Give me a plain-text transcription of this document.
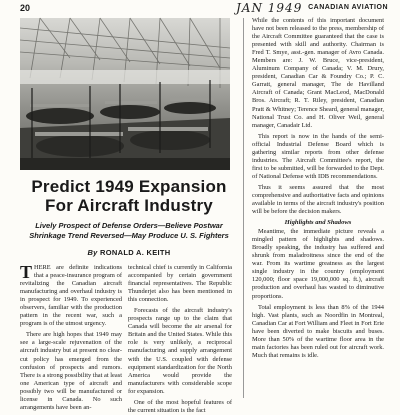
20	JAN 1949 CANADIAN AVIATION
Predict 1949 Expansion For Aircraft Industry
Lively Prospect of Defense Orders—Believe Postwar Shrinkage Trend Reversed—May Produce U. S. Fighters
By RONALD A. KEITH

THERE are definite indications that a peace-insurance program of revitalizing the Canadian aircraft manufacturing and overhaul industry is in prospect for 1949. To experienced observers, familiar with the production pattern in the recent war, such a program is of the utmost urgency.

There are high hopes that 1949 may see a large-scale rejuvenation of the aircraft industry but at present no clear-cut policy has emerged from the confusion of prospects and rumors. There is a strong possibility that at least one American type of aircraft and possibly two will be manufactured or license in Canada. No such arrangements have been an-

technical chief is currently in California accompanied by certain government financial representatives. The Republic Thunderjet also has been mentioned in this connection.

Forecasts of the aircraft industry's prospects range up to the claim that Canada will become the air arsenal for Britain and the United States. While this role is very unlikely, a reciprocal manufacturing and supply arrangement with the U.S. coupled with defense equipment standardization for the North America would provide the manufacturers with considerable scope for expansion.

One of the most hopeful features of the current situation is the fact

While the contents of this important document have not been released to the press, membership of the Aircraft Committee guaranteed that the case is presented with skill and authority. Chairman is Fred T. Smye, asst.-gen. manager of Avro Canada. Members are: J. W. Bruce, vice-president, Aluminum Company of Canada; V. M. Drury, president, Canadian Car & Foundry Co.; P. C. Garratt, general manager, The de Havilland Aircraft of Canada; Grant MacLeod, MacDonald Bros. Aircraft; R. T. Riley, president, Canadian Pratt & Whitney; Terence Sheard, general manager, National Trust Co. and H. Oliver Weil, general manager, Canadair Ltd.

This report is now in the hands of the semi-official Industrial Defense Board which is gathering similar reports from other defense industries. The Aircraft Committee's report, the first to be submitted, will be forwarded to the Dept. of National Defense with IDB recommendations.

Thus it seems assured that the most comprehensive and authoritative facts and opinions available in terms of the aircraft industry's position will be before the decision makers.

Highlights and Shadows

Meantime, the immediate picture reveals a mingled pattern of highlights and shadows. Broadly speaking, the industry has suffered and shrunk from maladroitness since the end of the war. From its wartime greatness as the largest single industry in the country (employment 120,000; floor space 19,000,000 sq. ft.), aircraft production and overhaul has wasted to diminutive proportions.

Total employment is less than 8% of the 1944 high. Vast plants, such as Noordfin in Montreal, Canadian Car at Fort William and Fleet in Fort Erie have been diverted to make biscuits and buses. More than 50% of the wartime floor area in the main factories has been ruled out for aircraft work. Much that remains is idle.
